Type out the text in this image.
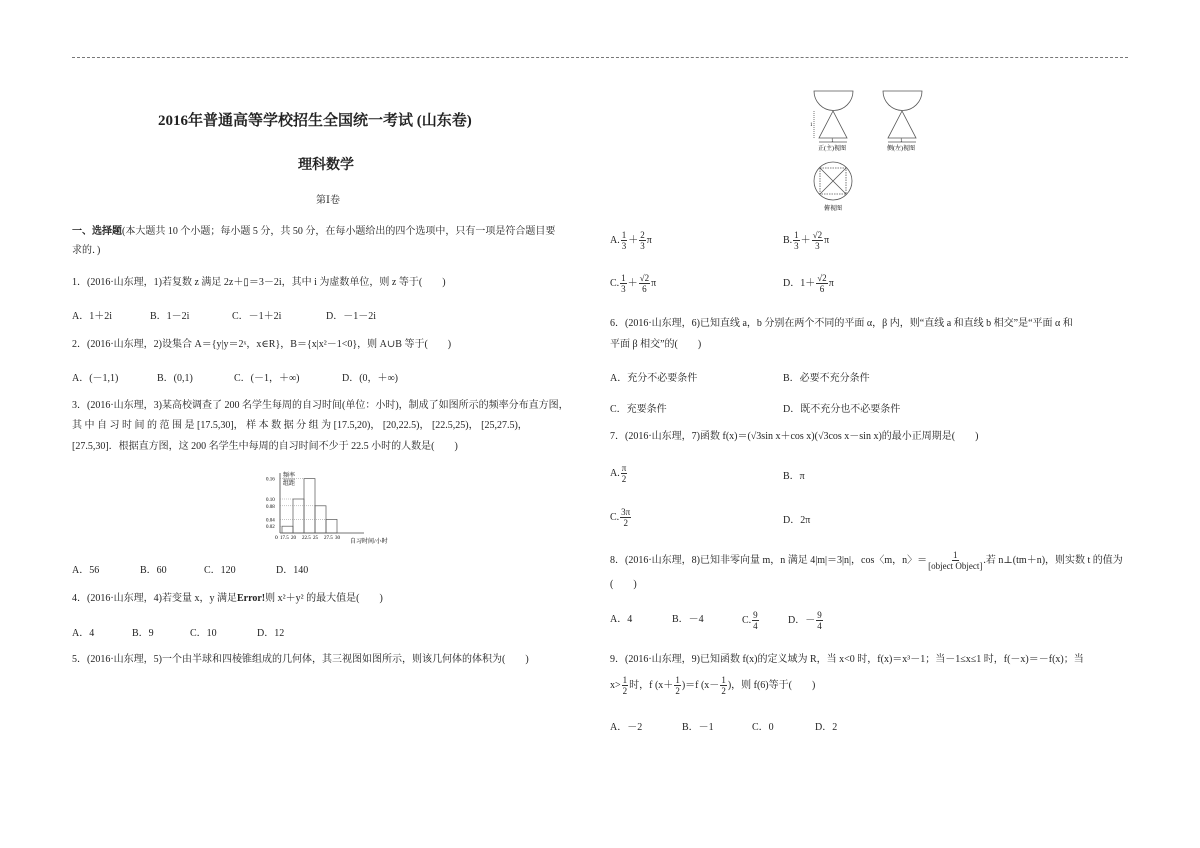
2016年普通高等学校招生全国统一考试 (山东卷)
理科数学
第Ⅰ卷
一、选择题(本大题共 10 个小题；每小题 5 分，共 50 分，在每小题给出的四个选项中，只有一项是符合题目要
求的．)
1．(2016·山东理，1)若复数 z 满足 2z＋▯＝3－2i，其中 i 为虚数单位，则 z 等于(　　)
A．1＋2i	B．1－2i	C．－1＋2i	D．－1－2i
2．(2016·山东理，2)设集合 A＝{y|y＝2ˣ，x∈R}，B＝{x|x²－1<0}，则 A∪B 等于(　　)
A．(－1,1)	B．(0,1)	C．(－1，＋∞)	D．(0，＋∞)
3．(2016·山东理，3)某高校调查了 200 名学生每周的自习时间(单位：小时)，制成了如图所示的频率分布直方图，
其 中 自 习 时 间 的 范 围 是 [17.5,30]， 样 本 数 据 分 组 为 [17.5,20)， [20,22.5)， [22.5,25)， [25,27.5)，
[27.5,30]．根据直方图，这 200 名学生中每周的自习时间不少于 22.5 小时的人数是(　　)
频率
组距
自习时间/小时
0 17.5 20 22.5 25 27.5 30
0.16
0.10
0.08
0.04
0.02
A．56	B．60	C．120	D．140
4．(2016·山东理，4)若变量 x，y 满足Error!则 x²＋y² 的最大值是(　　)
A．4	B．9	C．10	D．12
5．(2016·山东理，5)一个由半球和四棱锥组成的几何体，其三视图如图所示，则该几何体的体积为(　　)
1
1	1
正(主)视图	侧(左)视图
俯视图
A. $\frac{1}{3} + \frac{2}{3}$ π	B. $\frac{1}{3} + \frac{√2}{3}$ π
C. $\frac{1}{3} + \frac{√2}{6}$ π	D．$1+ \frac{√2}{6}$ π
6．(2016·山东理，6)已知直线 a，b 分别在两个不同的平面 α，β 内，则“直线 a 和直线 b 相交”是“平面 α 和
平面 β 相交”的(　　)
A．充分不必要条件	B．必要不充分条件
C．充要条件	D．既不充分也不必要条件
7．(2016·山东理，7)函数 f(x)＝(√3sin x＋cos x)(√3cos x－sin x)的最小正周期是(　　)
A. $\frac{\pi}{2}$	B．π
C. $\frac{3\pi}{2}$	D．2π
8．(2016·山东理，8)已知非零向量 m，n 满足 4|m|＝3|n|，cos〈m，n〉＝ $\frac{1}{\text{[object Object]}}$ .若 n⊥(tm＋n)，则实数 t 的值为
(　　)
A．4	B．－4	C. $\frac{9}{4}$	D．－ $\frac{9}{4}$
9．(2016·山东理，9)已知函数 f(x)的定义域为 R，当 x<0 时，f(x)＝x³－1；当－1≤x≤1 时，f(－x)＝－f(x)；当
$x> \frac{1}{2}$ 时，f $(x+ \frac{1}{2} )=f$ ($x- \frac{1}{2}$ )，则 f(6)等于(　　)
A．－2	B．－1	C．0	D．2
